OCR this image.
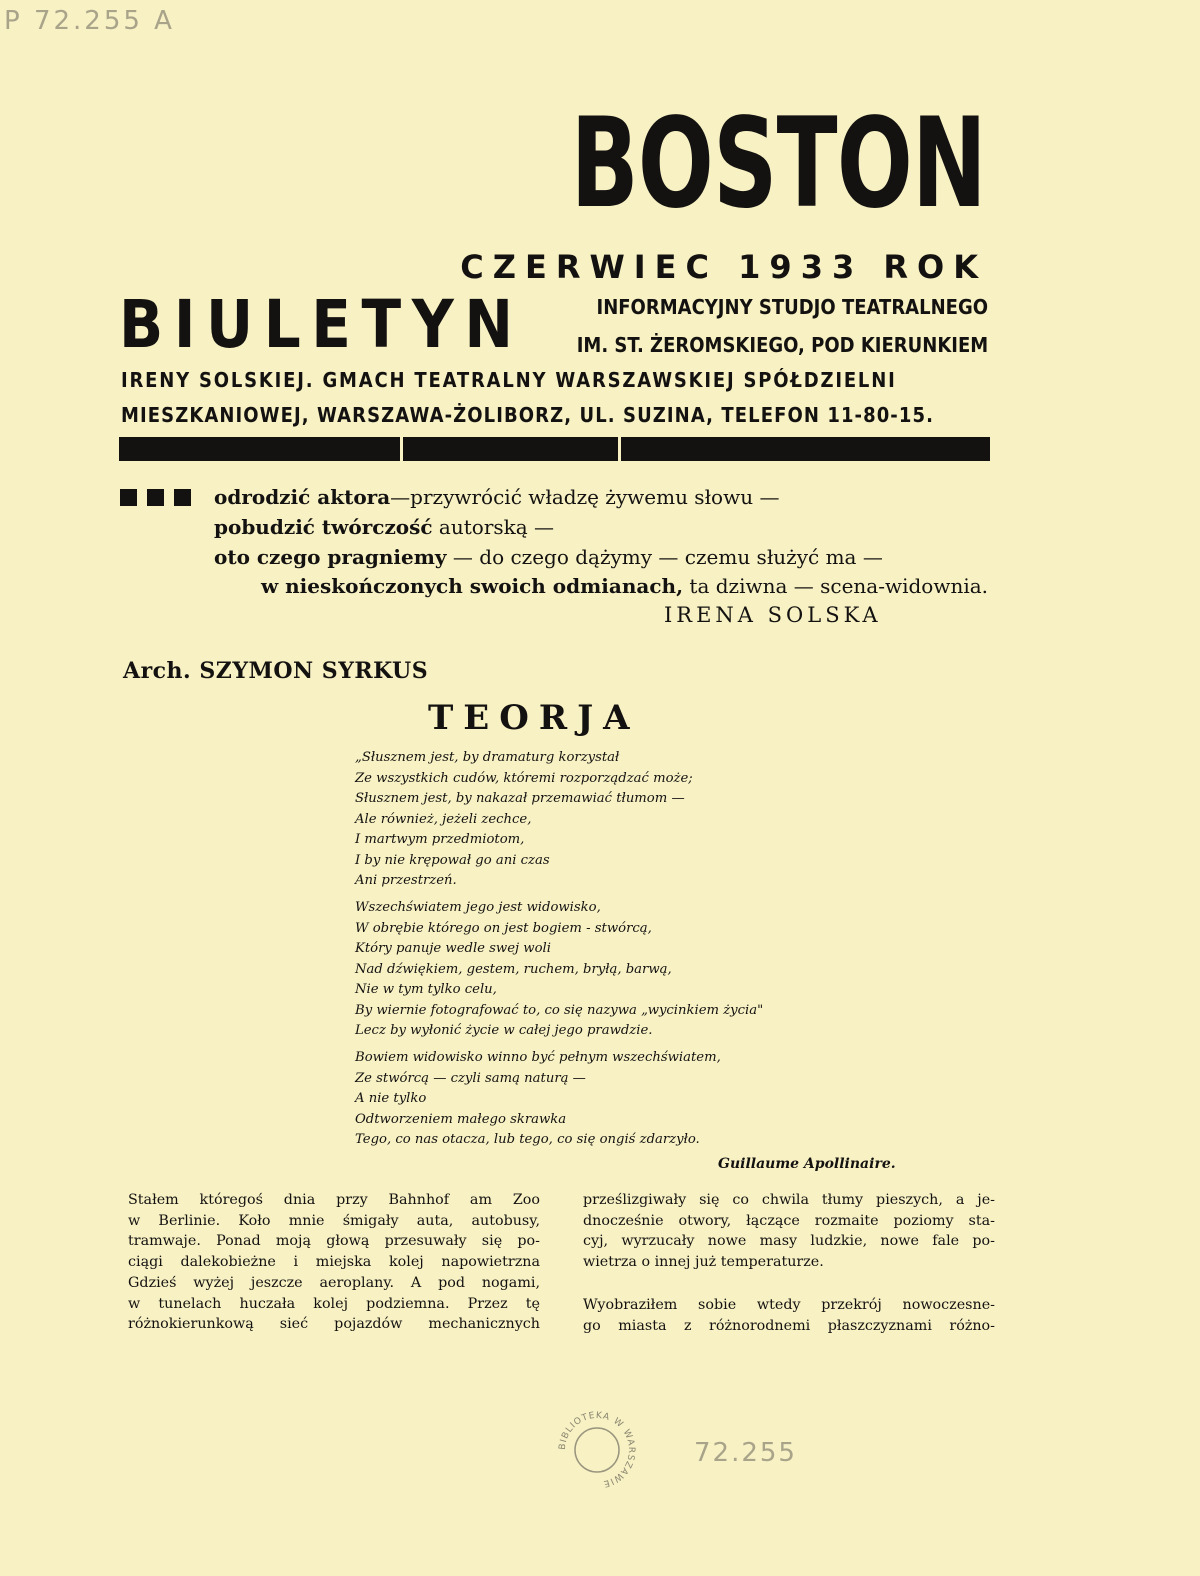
P 72.255 A
BOSTON
CZERWIEC 1933 ROK
BIULETYN	INFORMACYJNY STUDJO TEATRALNEGO
IM. ST. ŻEROMSKIEGO, POD KIERUNKIEM
IRENY SOLSKIEJ. GMACH TEATRALNY WARSZAWSKIEJ SPÓŁDZIELNI
MIESZKANIOWEJ, WARSZAWA-ŻOLIBORZ, UL. SUZINA, TELEFON 11-80-15.
odrodzić aktora—przywrócić władzę żywemu słowu —
pobudzić twórczość autorską —
oto czego pragniemy — do czego dążymy — czemu służyć ma —
w nieskończonych swoich odmianach, ta dziwna — scena-widownia.
IRENA SOLSKA
Arch. SZYMON SYRKUS
TEORJA
„Słusznem jest, by dramaturg korzystał
Ze wszystkich cudów, któremi rozporządzać może;
Słusznem jest, by nakazał przemawiać tłumom —
Ale również, jeżeli zechce,
I martwym przedmiotom,
I by nie krępował go ani czas
Ani przestrzeń.
Wszechświatem jego jest widowisko,
W obrębie którego on jest bogiem - stwórcą,
Który panuje wedle swej woli
Nad dźwiękiem, gestem, ruchem, bryłą, barwą,
Nie w tym tylko celu,
By wiernie fotografować to, co się nazywa „wycinkiem życia"
Lecz by wyłonić życie w całej jego prawdzie.
Bowiem widowisko winno być pełnym wszechświatem,
Ze stwórcą — czyli samą naturą —
A nie tylko
Odtworzeniem małego skrawka
Tego, co nas otacza, lub tego, co się ongiś zdarzyło.
Guillaume Apollinaire.
Stałem któregoś dnia przy Bahnhof am Zoo
w Berlinie. Koło mnie śmigały auta, autobusy,
tramwaje. Ponad moją głową przesuwały się po-
ciągi dalekobieżne i miejska kolej napowietrzna
Gdzieś wyżej jeszcze aeroplany. A pod nogami,
w tunelach huczała kolej podziemna. Przez tę
różnokierunkową sieć pojazdów mechanicznych
prześlizgiwały się co chwila tłumy pieszych, a je-
dnocześnie otwory, łączące rozmaite poziomy sta-
cyj, wyrzucały nowe masy ludzkie, nowe fale po-
wietrza o innej już temperaturze.
Wyobraziłem sobie wtedy przekrój nowoczesne-
go miasta z różnorodnemi płaszczyznami różno-
BIBLIOTEKA W WARSZAWIE
72.255
